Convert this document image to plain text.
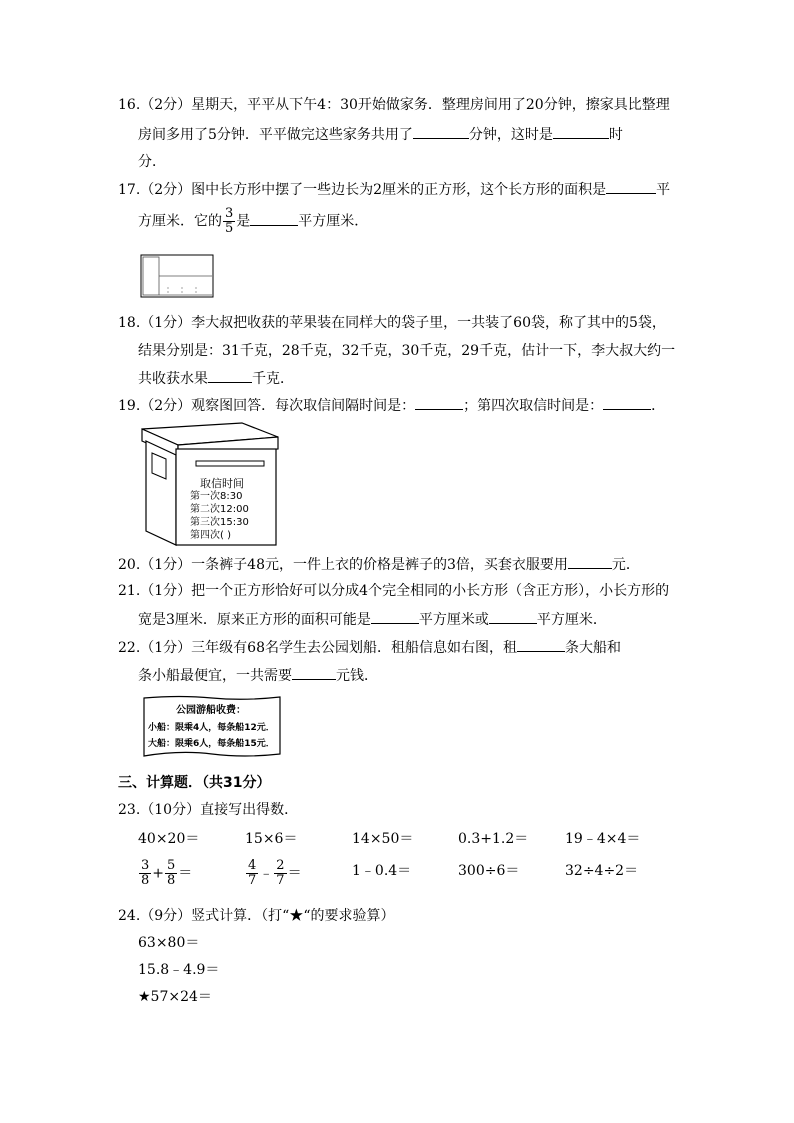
16.（2分）星期天，平平从下午4：30开始做家务．整理房间用了20分钟，擦家具比整理
房间多用了5分钟．平平做完这些家务共用了	分钟，这时是	时
分．
17.（2分）图中长方形中摆了一些边长为2厘米的正方形，这个长方形的面积是	平
方厘米．它的 $\frac{3}{5}$ 是	平方厘米．
18.（1分）李大叔把收获的苹果装在同样大的袋子里，一共装了60袋，称了其中的5袋，
结果分别是：31千克，28千克，32千克，30千克，29千克，估计一下，李大叔大约一
共收获水果	千克．
19.（2分）观察图回答．每次取信间隔时间是：	；第四次取信时间是：	．
取信时间
第一次8:30
第二次12:00
第三次15:30
第四次( )
20.（1分）一条裤子48元，一件上衣的价格是裤子的3倍，买套衣服要用	元．
21.（1分）把一个正方形恰好可以分成4个完全相同的小长方形（含正方形），小长方形的
宽是3厘米．原来正方形的面积可能是	平方厘米或	平方厘米．
22.（1分）三年级有68名学生去公园划船．租船信息如右图，租	条大船和
条小船最便宜，一共需要	元钱．
公园游船收费：
小船：限乘4人，每条船12元．
大船：限乘6人，每条船15元．
三、计算题．（共31分）
23.（10分）直接写出得数．
40×20＝	15×6＝	14×50＝	0.3+1.2＝	19﹣4×4＝
$\frac{3}{8} + \frac{5}{8}$ ＝	$\frac{4}{7}$ ﹣ $\frac{2}{7}$ ＝	1﹣0.4＝	300÷6＝	32÷4÷2＝
24.（9分）竖式计算．（打“★“的要求验算）
63×80＝
15.8﹣4.9＝
★57×24＝
